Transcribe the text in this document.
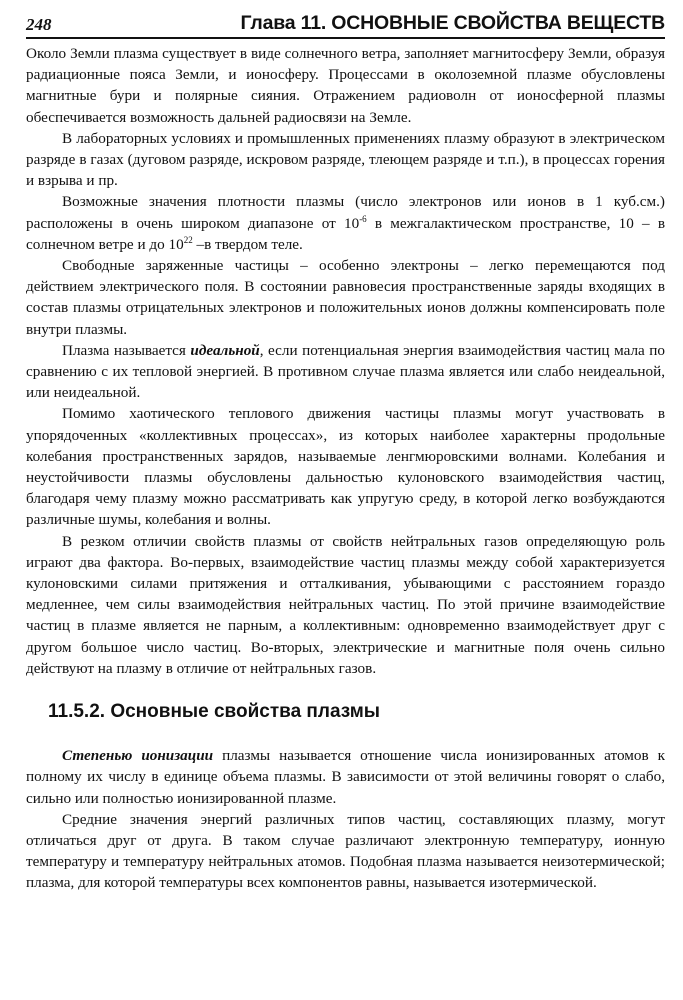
248	Глава 11. ОСНОВНЫЕ СВОЙСТВА ВЕЩЕСТВ

Около Земли плазма существует в виде солнечного ветра, заполняет магнитосферу Земли, образуя радиационные пояса Земли, и ионосферу. Процессами в околоземной плазме обусловлены магнитные бури и полярные сияния. Отражением радиоволн от ионосферной плазмы обеспечивается возможность дальней радиосвязи на Земле.

В лабораторных условиях и промышленных применениях плазму образуют в электрическом разряде в газах (дуговом разряде, искровом разряде, тлеющем разряде и т.п.), в процессах горения и взрыва и пр.

Возможные значения плотности плазмы (число электронов или ионов в 1 куб.см.) расположены в очень широком диапазоне от $10^{-6}$ в межгалактическом пространстве, 10 – в солнечном ветре и до $10^{22}$ –в твердом теле.

Свободные заряженные частицы – особенно электроны – легко перемещаются под действием электрического поля. В состоянии равновесия пространственные заряды входящих в состав плазмы отрицательных электронов и положительных ионов должны компенсировать поле внутри плазмы.

Плазма называется идеальной, если потенциальная энергия взаимодействия частиц мала по сравнению с их тепловой энергией. В противном случае плазма является или слабо неидеальной, или неидеальной.

Помимо хаотического теплового движения частицы плазмы могут участвовать в упорядоченных «коллективных процессах», из которых наиболее характерны продольные колебания пространственных зарядов, называемые ленгмюровскими волнами. Колебания и неустойчивости плазмы обусловлены дальностью кулоновского взаимодействия частиц, благодаря чему плазму можно рассматривать как упругую среду, в которой легко возбуждаются различные шумы, колебания и волны.

В резком отличии свойств плазмы от свойств нейтральных газов определяющую роль играют два фактора. Во-первых, взаимодействие частиц плазмы между собой характеризуется кулоновскими силами притяжения и отталкивания, убывающими с расстоянием гораздо медленнее, чем силы взаимодействия нейтральных частиц. По этой причине взаимодействие частиц в плазме является не парным, а коллективным: одновременно взаимодействует друг с другом большое число частиц. Во-вторых, электрические и магнитные поля очень сильно действуют на плазму в отличие от нейтральных газов.

11.5.2. Основные свойства плазмы

Степенью ионизации плазмы называется отношение числа ионизированных атомов к полному их числу в единице объема плазмы. В зависимости от этой величины говорят о слабо, сильно или полностью ионизированной плазме.

Средние значения энергий различных типов частиц, составляющих плазму, могут отличаться друг от друга. В таком случае различают электронную температуру, ионную температуру и температуру нейтральных атомов. Подобная плазма называется неизотермической; плазма, для которой температуры всех компонентов равны, называется изотермической.
